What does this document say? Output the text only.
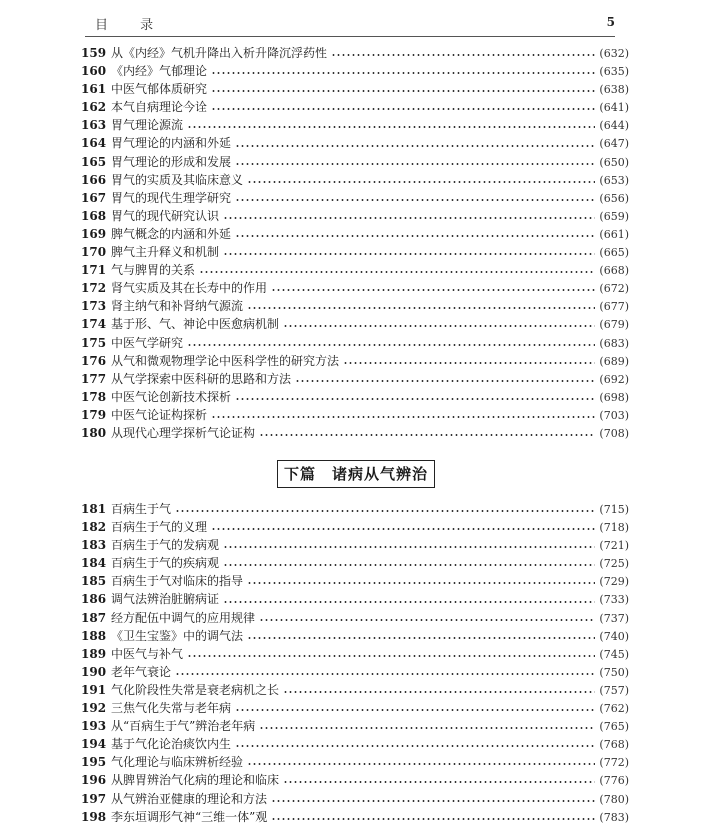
目 录	5
159 从《内经》气机升降出入析升降沉浮药性	(632)
160 《内经》气郁理论	(635)
161 中医气郁体质研究	(638)
162 本气自病理论今诠	(641)
163 胃气理论源流	(644)
164 胃气理论的内涵和外延	(647)
165 胃气理论的形成和发展	(650)
166 胃气的实质及其临床意义	(653)
167 胃气的现代生理学研究	(656)
168 胃气的现代研究认识	(659)
169 脾气概念的内涵和外延	(661)
170 脾气主升释义和机制	(665)
171 气与脾胃的关系	(668)
172 肾气实质及其在长寿中的作用	(672)
173 肾主纳气和补肾纳气源流	(677)
174 基于形、气、神论中医愈病机制	(679)
175 中医气学研究	(683)
176 从气和微观物理学论中医科学性的研究方法	(689)
177 从气学探索中医科研的思路和方法	(692)
178 中医气论创新技术探析	(698)
179 中医气论证构探析	(703)
180 从现代心理学探析气论证构	(708)
下篇　诸病从气辨治
181 百病生于气	(715)
182 百病生于气的义理	(718)
183 百病生于气的发病观	(721)
184 百病生于气的疾病观	(725)
185 百病生于气对临床的指导	(729)
186 调气法辨治脏腑病证	(733)
187 经方配伍中调气的应用规律	(737)
188 《卫生宝鉴》中的调气法	(740)
189 中医气与补气	(745)
190 老年气衰论	(750)
191 气化阶段性失常是衰老病机之长	(757)
192 三焦气化失常与老年病	(762)
193 从“百病生于气”辨治老年病	(765)
194 基于气化论治痰饮内生	(768)
195 气化理论与临床辨析经验	(772)
196 从脾胃辨治气化病的理论和临床	(776)
197 从气辨治亚健康的理论和方法	(780)
198 李东垣调形气神“三维一体”观	(783)
